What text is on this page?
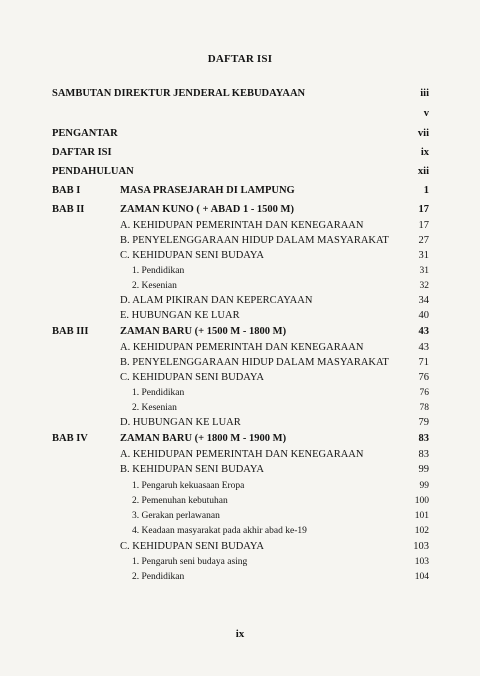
DAFTAR ISI
SAMBUTAN DIREKTUR JENDERAL KEBUDAYAAN	iii
v
PENGANTAR	vii
DAFTAR ISI	ix
PENDAHULUAN	xii
BAB I	MASA PRASEJARAH DI LAMPUNG	1
BAB II	ZAMAN KUNO ( + ABAD 1 - 1500 M)	17
A. KEHIDUPAN PEMERINTAH DAN KENEGARAAN	17
B. PENYELENGGARAAN HIDUP DALAM MASYARAKAT	27
C. KEHIDUPAN SENI BUDAYA	31
1. Pendidikan	31
2. Kesenian	32
D. ALAM PIKIRAN DAN KEPERCAYAAN	34
E. HUBUNGAN KE LUAR	40
BAB III	ZAMAN BARU (+ 1500 M - 1800 M)	43
A. KEHIDUPAN PEMERINTAH DAN KENEGARAAN	43
B. PENYELENGGARAAN HIDUP DALAM MASYARAKAT	71
C. KEHIDUPAN SENI BUDAYA	76
1. Pendidikan	76
2. Kesenian	78
D. HUBUNGAN KE LUAR	79
BAB IV	ZAMAN BARU (+ 1800 M - 1900 M)	83
A. KEHIDUPAN PEMERINTAH DAN KENEGARAAN	83
B. KEHIDUPAN SENI BUDAYA	99
1. Pengaruh kekuasaan Eropa	99
2. Pemenuhan kebutuhan	100
3. Gerakan perlawanan	101
4. Keadaan masyarakat pada akhir abad ke-19	102
C. KEHIDUPAN SENI BUDAYA	103
1. Pengaruh seni budaya asing	103
2. Pendidikan	104
ix
